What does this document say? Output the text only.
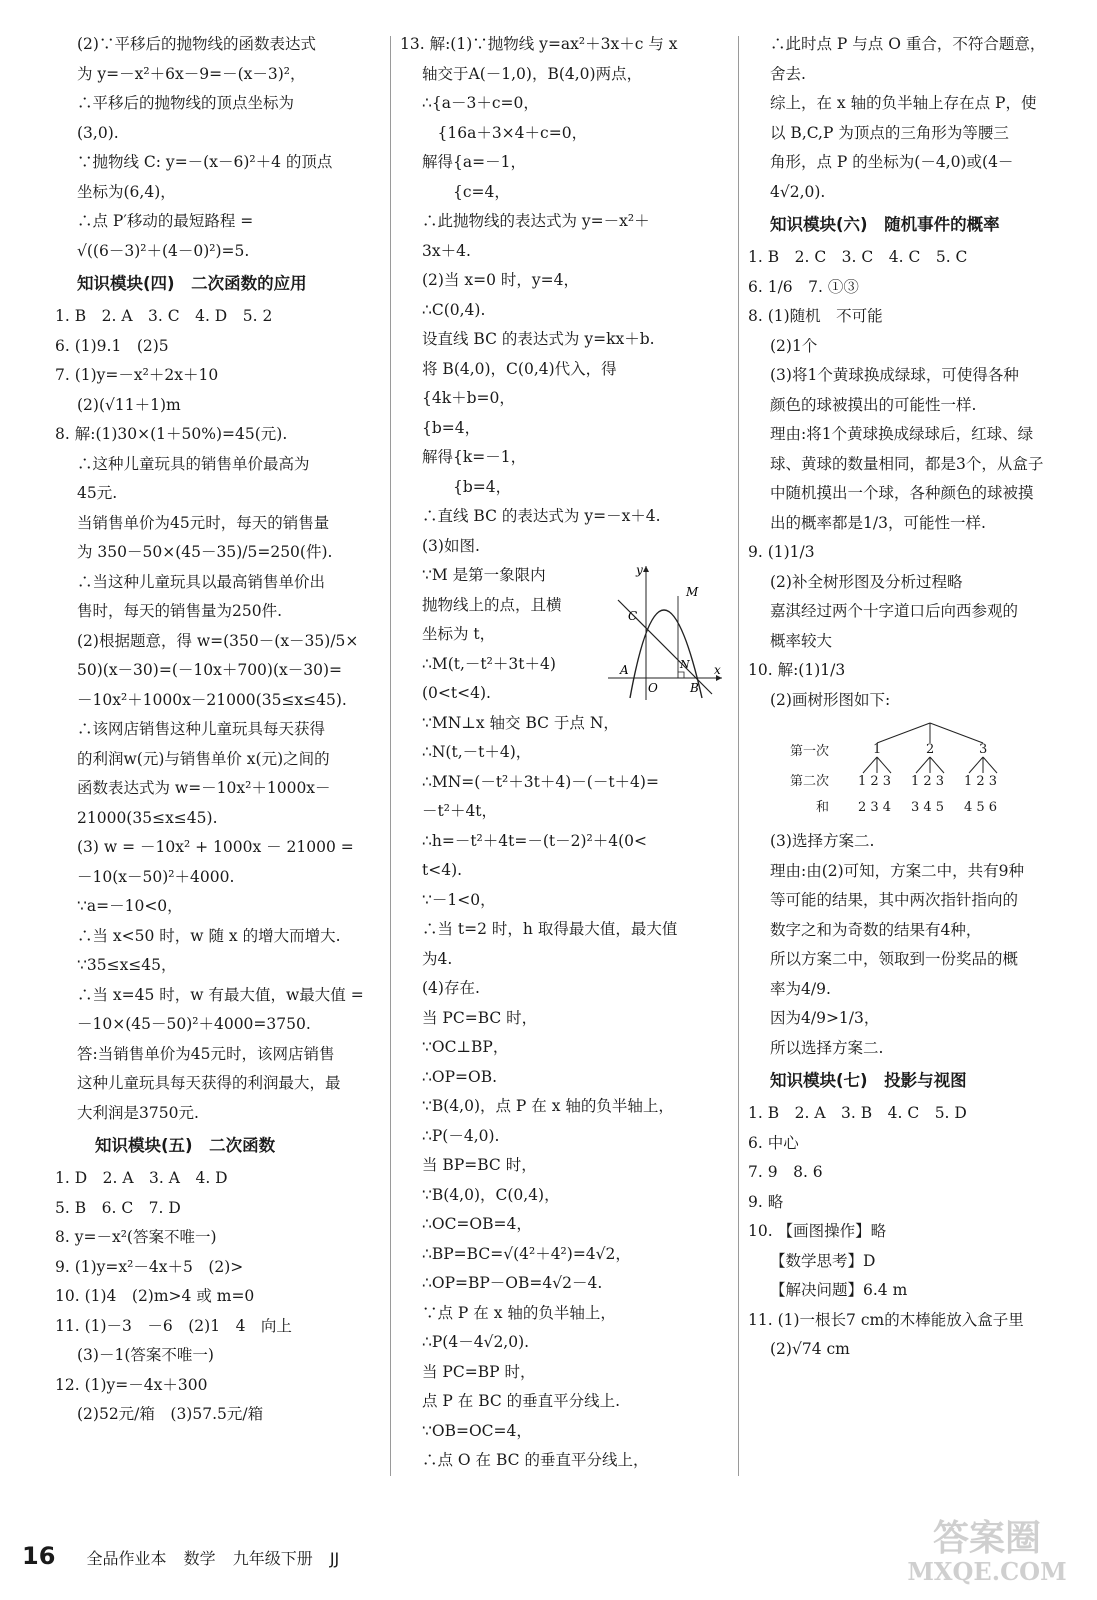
(2)∵平移后的抛物线的函数表达式
为 y=－x²＋6x－9=－(x－3)²，
∴平移后的抛物线的顶点坐标为
(3,0).
∵抛物线 C: y=－(x－6)²＋4 的顶点
坐标为(6,4)，
∴点 P′移动的最短路程 =
√((6－3)²＋(4－0)²)=5.
知识模块(四)　二次函数的应用
1. B　2. A　3. C　4. D　5. 2
6. (1)9.1　(2)5
7. (1)y=－x²＋2x＋10
(2)(√11＋1)m
8. 解:(1)30×(1＋50%)=45(元).
∴这种儿童玩具的销售单价最高为
45元.
当销售单价为45元时，每天的销售量
为 350－50×(45－35)/5=250(件).
∴当这种儿童玩具以最高销售单价出
售时，每天的销售量为250件.
(2)根据题意，得 w=(350－(x－35)/5×
50)(x－30)=(－10x＋700)(x－30)=
－10x²＋1000x－21000(35≤x≤45).
∴该网店销售这种儿童玩具每天获得
的利润w(元)与销售单价 x(元)之间的
函数表达式为 w=－10x²＋1000x－
21000(35≤x≤45).
(3) w = －10x² + 1000x － 21000 =
－10(x－50)²＋4000.
∵a=－10<0，
∴当 x<50 时，w 随 x 的增大而增大.
∵35≤x≤45，
∴当 x=45 时，w 有最大值，w最大值 =
－10×(45－50)²＋4000=3750.
答:当销售单价为45元时，该网店销售
这种儿童玩具每天获得的利润最大，最
大利润是3750元.
知识模块(五)　二次函数
1. D　2. A　3. A　4. D
5. B　6. C　7. D
8. y=－x²(答案不唯一)
9. (1)y=x²－4x＋5　(2)>
10. (1)4　(2)m>4 或 m=0
11. (1)－3　－6　(2)1　4　向上
(3)－1(答案不唯一)
12. (1)y=－4x＋300
(2)52元/箱　(3)57.5元/箱
13. 解:(1)∵抛物线 y=ax²＋3x＋c 与 x
轴交于A(－1,0)，B(4,0)两点，
∴{a－3＋c=0，
　{16a＋3×4＋c=0，
解得{a=－1，
　　{c=4，
∴此抛物线的表达式为 y=－x²＋
3x＋4.
(2)当 x=0 时，y=4，
∴C(0,4).
设直线 BC 的表达式为 y=kx＋b.
将 B(4,0)，C(0,4)代入，得
{4k＋b=0，
{b=4，
解得{k=－1，
　　{b=4，
∴直线 BC 的表达式为 y=－x＋4.
(3)如图.
∵M 是第一象限内
抛物线上的点，且横
坐标为 t，
∴M(t,－t²＋3t＋4)
(0<t<4).
∵MN⊥x 轴交 BC 于点 N，
∴N(t,－t＋4)，
∴MN=(－t²＋3t＋4)－(－t＋4)=
－t²＋4t，
∴h=－t²＋4t=－(t－2)²＋4(0<
t<4).
∵－1<0，
∴当 t=2 时，h 取得最大值，最大值
为4.
(4)存在.
当 PC=BC 时，
∵OC⊥BP，
∴OP=OB.
∵B(4,0)，点 P 在 x 轴的负半轴上，
∴P(－4,0).
当 BP=BC 时，
∵B(4,0)，C(0,4)，
∴OC=OB=4，
∴BP=BC=√(4²＋4²)=4√2，
∴OP=BP－OB=4√2－4.
∵点 P 在 x 轴的负半轴上，
∴P(4－4√2,0).
当 PC=BP 时，
点 P 在 BC 的垂直平分线上.
∵OB=OC=4，
∴点 O 在 BC 的垂直平分线上，
y
x
M
C
N
A
O	B
∴此时点 P 与点 O 重合，不符合题意，
舍去.
综上，在 x 轴的负半轴上存在点 P，使
以 B,C,P 为顶点的三角形为等腰三
角形，点 P 的坐标为(－4,0)或(4－
4√2,0).
知识模块(六)　随机事件的概率
1. B　2. C　3. C　4. C　5. C
6. 1/6　7. ①③
8. (1)随机　不可能
(2)1个
(3)将1个黄球换成绿球，可使得各种
颜色的球被摸出的可能性一样.
理由:将1个黄球换成绿球后，红球、绿
球、黄球的数量相同，都是3个，从盒子
中随机摸出一个球，各种颜色的球被摸
出的概率都是1/3，可能性一样.
9. (1)1/3
(2)补全树形图及分析过程略
嘉淇经过两个十字道口后向西参观的
概率较大
10. 解:(1)1/3
(2)画树形图如下:
第一次
第二次
和
1	2	3
1 2 3 1 2 3 1 2 3
2 3 4 3 4 5 4 5 6
(3)选择方案二.
理由:由(2)可知，方案二中，共有9种
等可能的结果，其中两次指针指向的
数字之和为奇数的结果有4种，
所以方案二中，领取到一份奖品的概
率为4/9.
因为4/9>1/3，
所以选择方案二.
知识模块(七)　投影与视图
1. B　2. A　3. B　4. C　5. D
6. 中心
7. 9　8. 6
9. 略
10. 【画图操作】略
【数学思考】D
【解决问题】6.4 m
11. (1)一根长7 cm的木棒能放入盒子里
(2)√74 cm
16 全品作业本 数学 九年级下册 JJ	答案圈
MXQE.COM
